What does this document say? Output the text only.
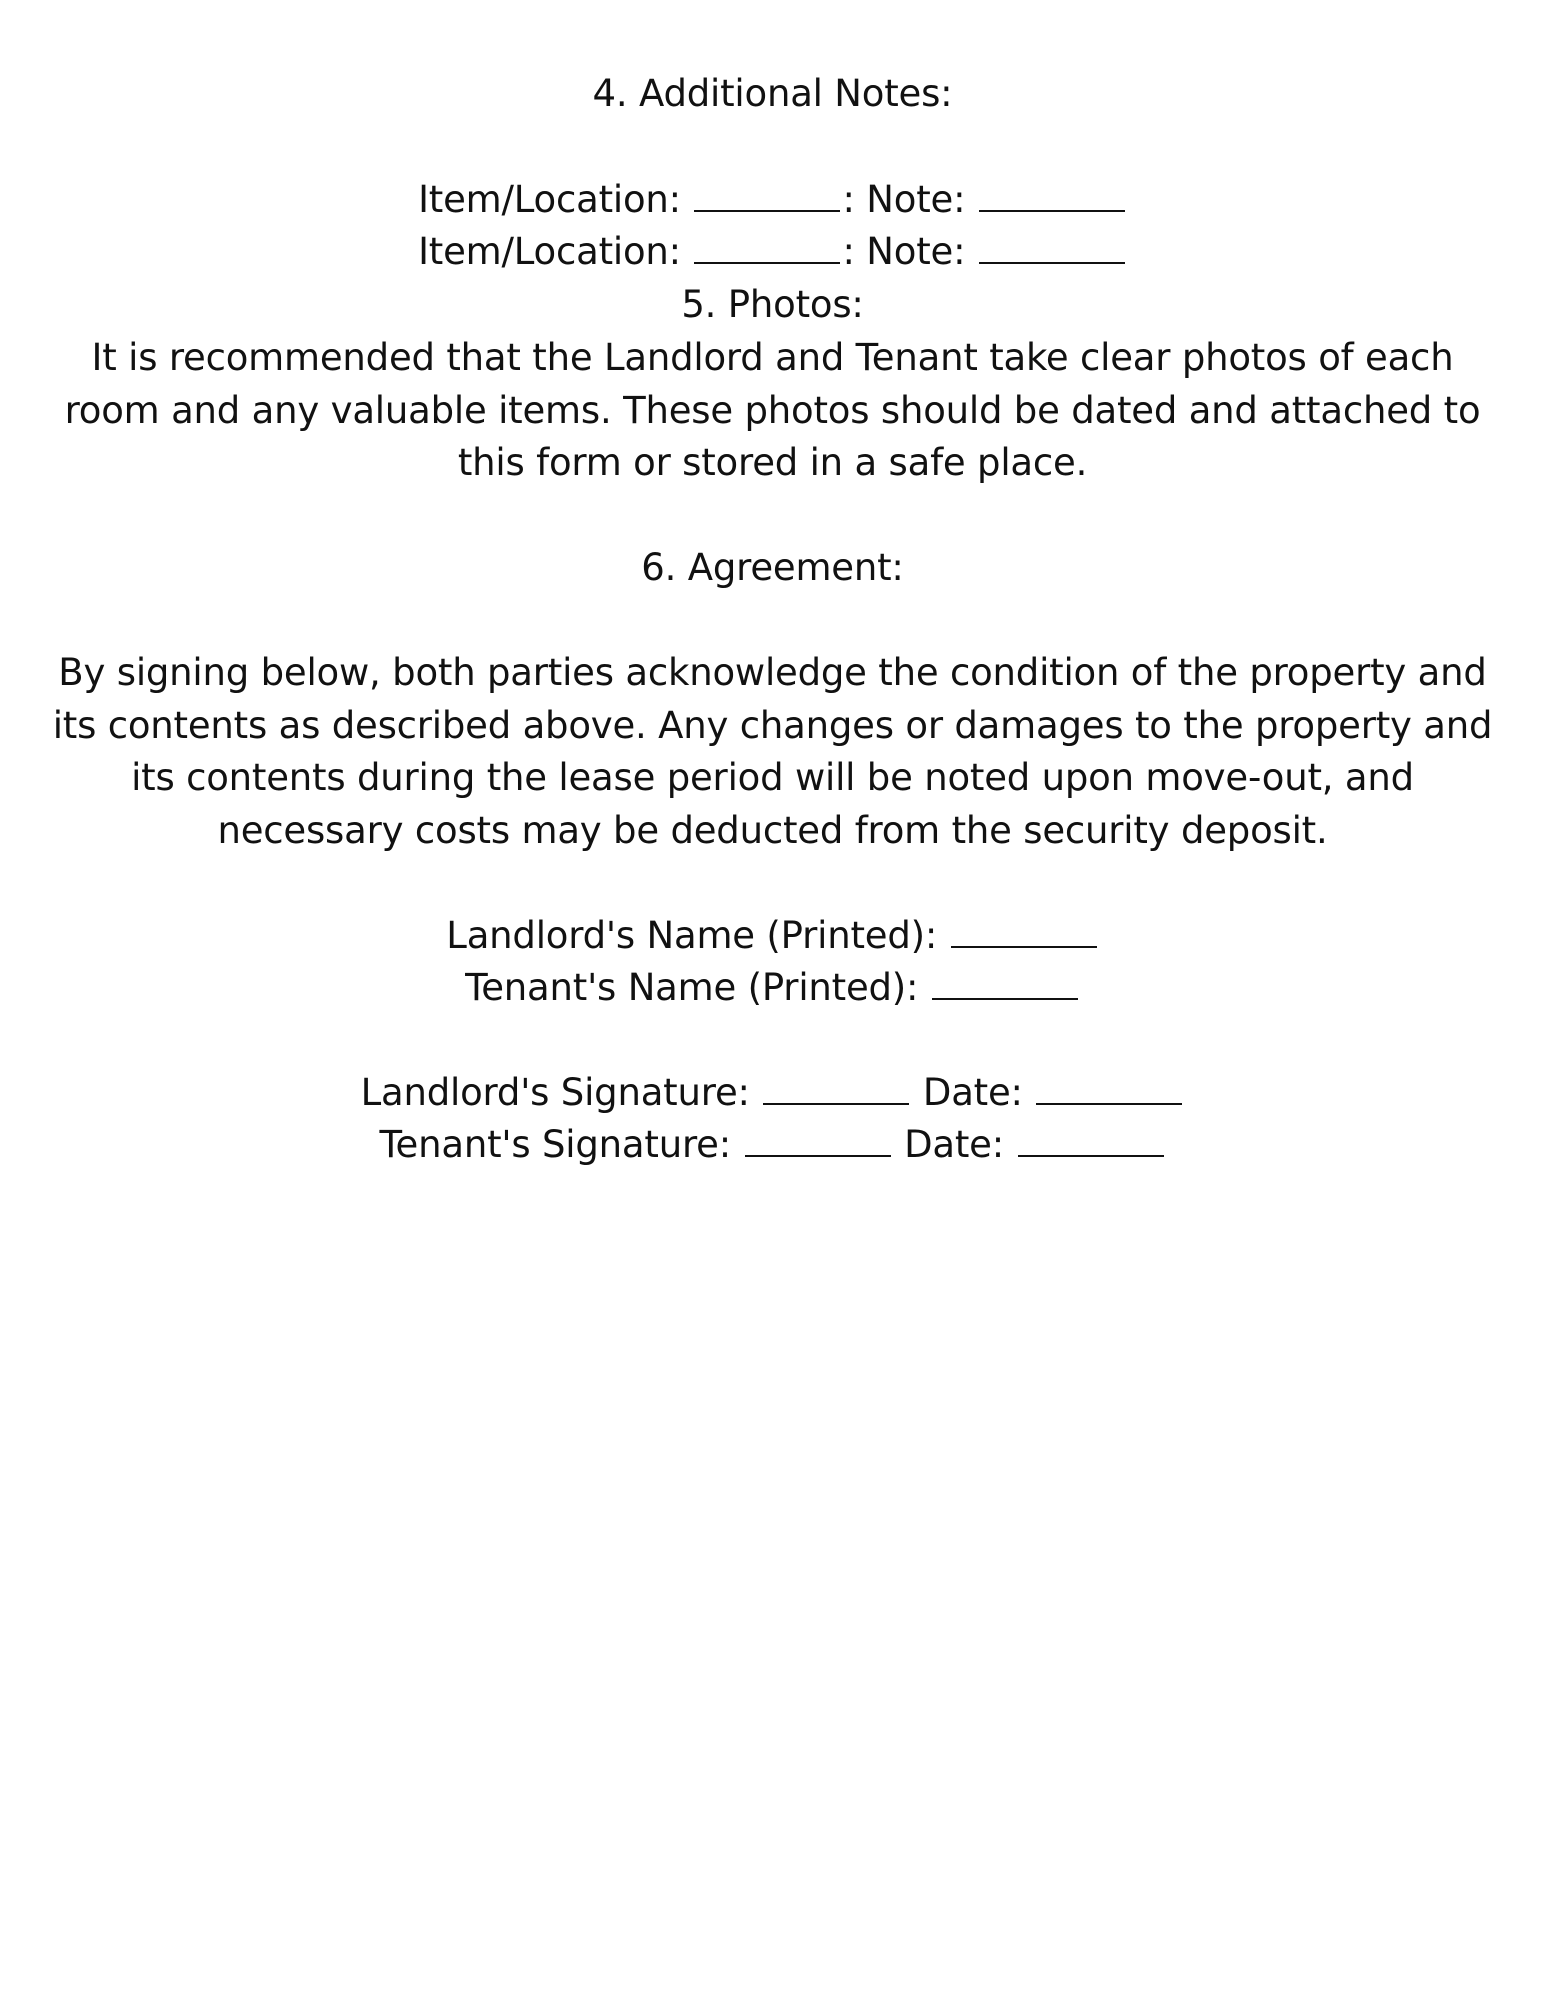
4. Additional Notes:
Item/Location:	: Note:
Item/Location:	: Note:
5. Photos:
It is recommended that the Landlord and Tenant take clear photos of each room and any valuable items. These photos should be dated and attached to this form or stored in a safe place.
6. Agreement:
By signing below, both parties acknowledge the condition of the property and its contents as described above. Any changes or damages to the property and its contents during the lease period will be noted upon move-out, and necessary costs may be deducted from the security deposit.
Landlord's Name (Printed):
Tenant's Name (Printed):
Landlord's Signature:	Date:
Tenant's Signature:	Date:
